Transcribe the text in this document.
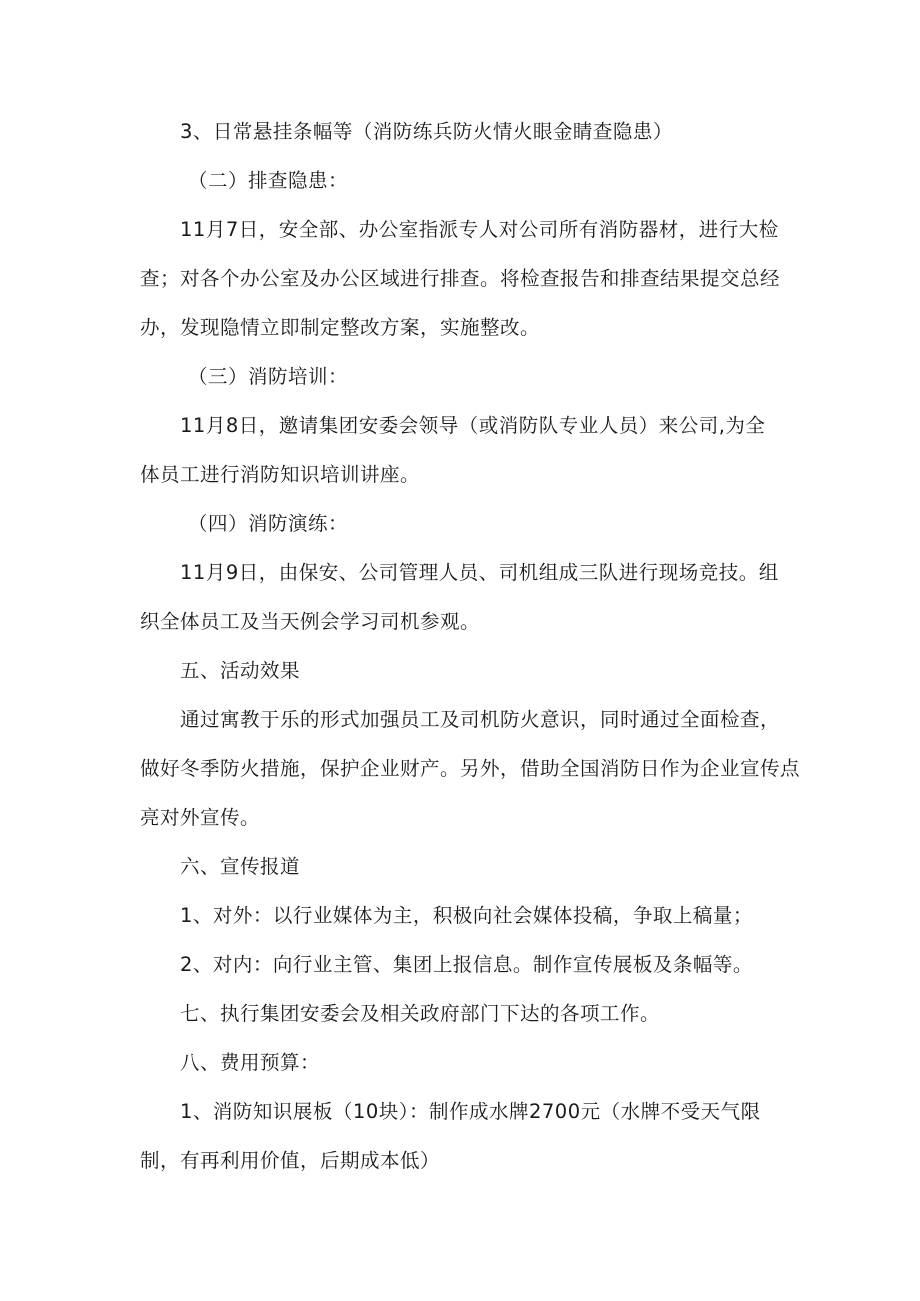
3、日常悬挂条幅等（消防练兵防火情火眼金睛查隐患）
（二）排查隐患：
11月7日，安全部、办公室指派专人对公司所有消防器材，进行大检
查；对各个办公室及办公区域进行排查。将检查报告和排查结果提交总经
办，发现隐情立即制定整改方案，实施整改。
（三）消防培训：
11月8日，邀请集团安委会领导（或消防队专业人员）来公司,为全
体员工进行消防知识培训讲座。
（四）消防演练：
11月9日，由保安、公司管理人员、司机组成三队进行现场竞技。组
织全体员工及当天例会学习司机参观。
五、活动效果
通过寓教于乐的形式加强员工及司机防火意识，同时通过全面检查，
做好冬季防火措施，保护企业财产。另外，借助全国消防日作为企业宣传点
亮对外宣传。
六、宣传报道
1、对外：以行业媒体为主，积极向社会媒体投稿，争取上稿量；
2、对内：向行业主管、集团上报信息。制作宣传展板及条幅等。
七、执行集团安委会及相关政府部门下达的各项工作。
八、费用预算：
1、消防知识展板（10块）：制作成水牌2700元（水牌不受天气限
制，有再利用价值，后期成本低）
